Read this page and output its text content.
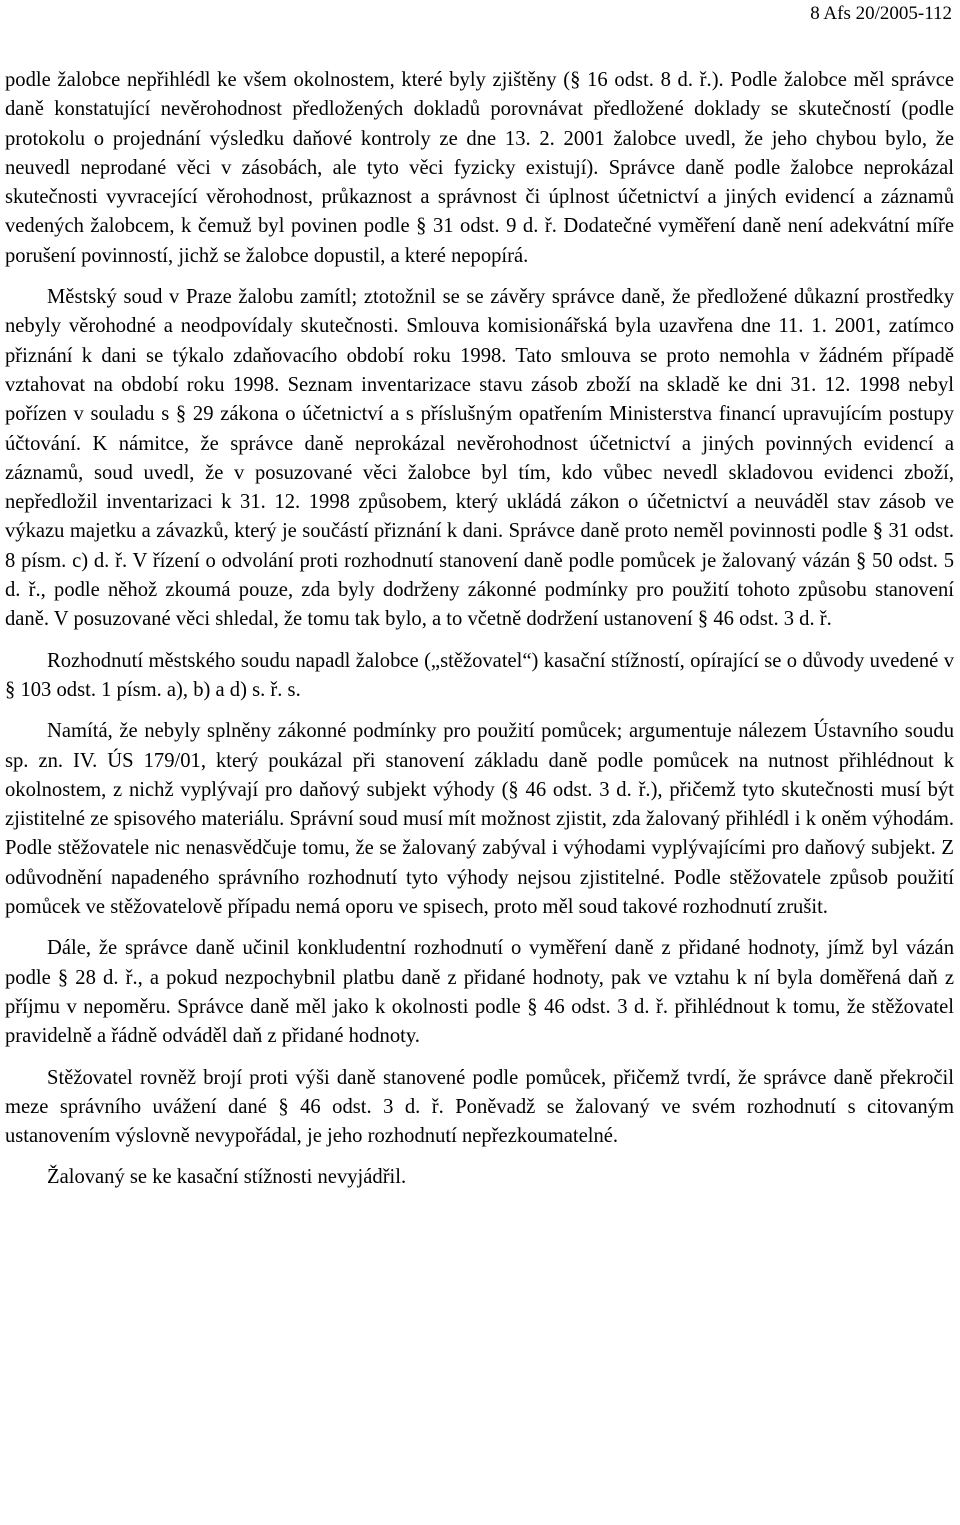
8 Afs 20/2005-112

podle žalobce nepřihlédl ke všem okolnostem, které byly zjištěny (§ 16 odst. 8 d. ř.). Podle žalobce měl správce daně konstatující nevěrohodnost předložených dokladů porovnávat předložené doklady se skutečností (podle protokolu o projednání výsledku daňové kontroly ze dne 13. 2. 2001 žalobce uvedl, že jeho chybou bylo, že neuvedl neprodané věci v zásobách, ale tyto věci fyzicky existují). Správce daně podle žalobce neprokázal skutečnosti vyvracející věrohodnost, průkaznost a správnost či úplnost účetnictví a jiných evidencí a záznamů vedených žalobcem, k čemuž byl povinen podle § 31 odst. 9 d. ř. Dodatečné vyměření daně není adekvátní míře porušení povinností, jichž se žalobce dopustil, a které nepopírá.

Městský soud v Praze žalobu zamítl; ztotožnil se se závěry správce daně, že předložené důkazní prostředky nebyly věrohodné a neodpovídaly skutečnosti. Smlouva komisionářská byla uzavřena dne 11. 1. 2001, zatímco přiznání k dani se týkalo zdaňovacího období roku 1998. Tato smlouva se proto nemohla v žádném případě vztahovat na období roku 1998. Seznam inventarizace stavu zásob zboží na skladě ke dni 31. 12. 1998 nebyl pořízen v souladu s § 29 zákona o účetnictví a s příslušným opatřením Ministerstva financí upravujícím postupy účtování. K námitce, že správce daně neprokázal nevěrohodnost účetnictví a jiných povinných evidencí a záznamů, soud uvedl, že v posuzované věci žalobce byl tím, kdo vůbec nevedl skladovou evidenci zboží, nepředložil inventarizaci k 31. 12. 1998 způsobem, který ukládá zákon o účetnictví a neuváděl stav zásob ve výkazu majetku a závazků, který je součástí přiznání k dani. Správce daně proto neměl povinnosti podle § 31 odst. 8 písm. c) d. ř. V řízení o odvolání proti rozhodnutí stanovení daně podle pomůcek je žalovaný vázán § 50 odst. 5 d. ř., podle něhož zkoumá pouze, zda byly dodrženy zákonné podmínky pro použití tohoto způsobu stanovení daně. V posuzované věci shledal, že tomu tak bylo, a to včetně dodržení ustanovení § 46 odst. 3 d. ř.

Rozhodnutí městského soudu napadl žalobce („stěžovatel“) kasační stížností, opírající se o důvody uvedené v § 103 odst. 1 písm. a), b) a d) s. ř. s.

Namítá, že nebyly splněny zákonné podmínky pro použití pomůcek; argumentuje nálezem Ústavního soudu sp. zn. IV. ÚS 179/01, který poukázal při stanovení základu daně podle pomůcek na nutnost přihlédnout k okolnostem, z nichž vyplývají pro daňový subjekt výhody (§ 46 odst. 3 d. ř.), přičemž tyto skutečnosti musí být zjistitelné ze spisového materiálu. Správní soud musí mít možnost zjistit, zda žalovaný přihlédl i k oněm výhodám. Podle stěžovatele nic nenasvědčuje tomu, že se žalovaný zabýval i výhodami vyplývajícími pro daňový subjekt. Z odůvodnění napadeného správního rozhodnutí tyto výhody nejsou zjistitelné. Podle stěžovatele způsob použití pomůcek ve stěžovatelově případu nemá oporu ve spisech, proto měl soud takové rozhodnutí zrušit.

Dále, že správce daně učinil konkludentní rozhodnutí o vyměření daně z přidané hodnoty, jímž byl vázán podle § 28 d. ř., a pokud nezpochybnil platbu daně z přidané hodnoty, pak ve vztahu k ní byla doměřená daň z příjmu v nepoměru. Správce daně měl jako k okolnosti podle § 46 odst. 3 d. ř. přihlédnout k tomu, že stěžovatel pravidelně a řádně odváděl daň z přidané hodnoty.

Stěžovatel rovněž brojí proti výši daně stanovené podle pomůcek, přičemž tvrdí, že správce daně překročil meze správního uvážení dané § 46 odst. 3 d. ř. Poněvadž se žalovaný ve svém rozhodnutí s citovaným ustanovením výslovně nevypořádal, je jeho rozhodnutí nepřezkoumatelné.

Žalovaný se ke kasační stížnosti nevyjádřil.
